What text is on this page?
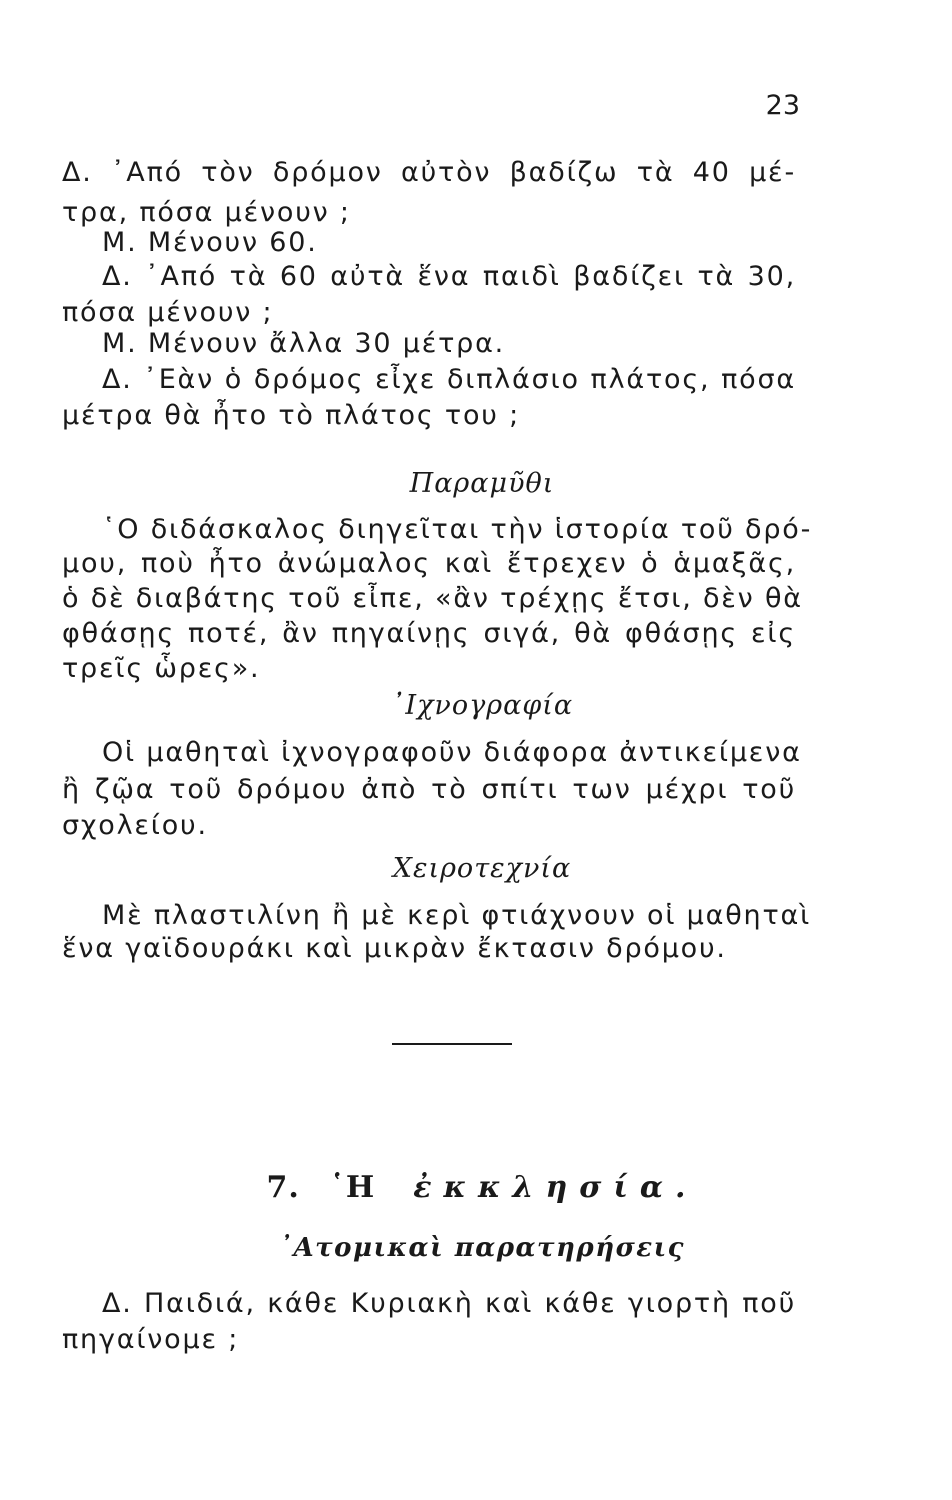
23
Δ. ᾿Από τὸν δρόμον αὐτὸν βαδίζω τὰ 40 μέ-
τρα, πόσα μένουν ;
Μ. Μένουν 60.
Δ. ᾿Από τὰ 60 αὐτὰ ἕνα παιδὶ βαδίζει τὰ 30,
πόσα μένουν ;
Μ. Μένουν ἄλλα 30 μέτρα.
Δ. ᾿Εὰν ὁ δρόμος εἶχε διπλάσιο πλάτος, πόσα
μέτρα θὰ ἦτο τὸ πλάτος του ;
Παραμῦθι
῾Ο διδάσκαλος διηγεῖται τὴν ἱστορία τοῦ δρό-
μου, ποὺ ἦτο ἀνώμαλος καὶ ἔτρεχεν ὁ ἁμαξᾶς,
ὁ δὲ διαβάτης τοῦ εἶπε, «ἂν τρέχῃς ἔτσι, δὲν θὰ
φθάσῃς ποτέ, ἂν πηγαίνῃς σιγά, θὰ φθάσῃς εἰς
τρεῖς ὧρες».
᾿Ιχνογραφία
Οἱ μαθηταὶ ἰχνογραφοῦν διάφορα ἀντικείμενα
ἢ ζῷα τοῦ δρόμου ἀπὸ τὸ σπίτι των μέχρι τοῦ
σχολείου.
Χειροτεχνία
Μὲ πλαστιλίνη ἢ μὲ κερὶ φτιάχνουν οἱ μαθηταὶ
ἕνα γαϊδουράκι καὶ μικρὰν ἔκτασιν δρόμου.
7. ῾Η ἐκκλησία.
᾿Ατομικαὶ παρατηρήσεις
Δ. Παιδιά, κάθε Κυριακὴ καὶ κάθε γιορτὴ ποῦ
πηγαίνομε ;
